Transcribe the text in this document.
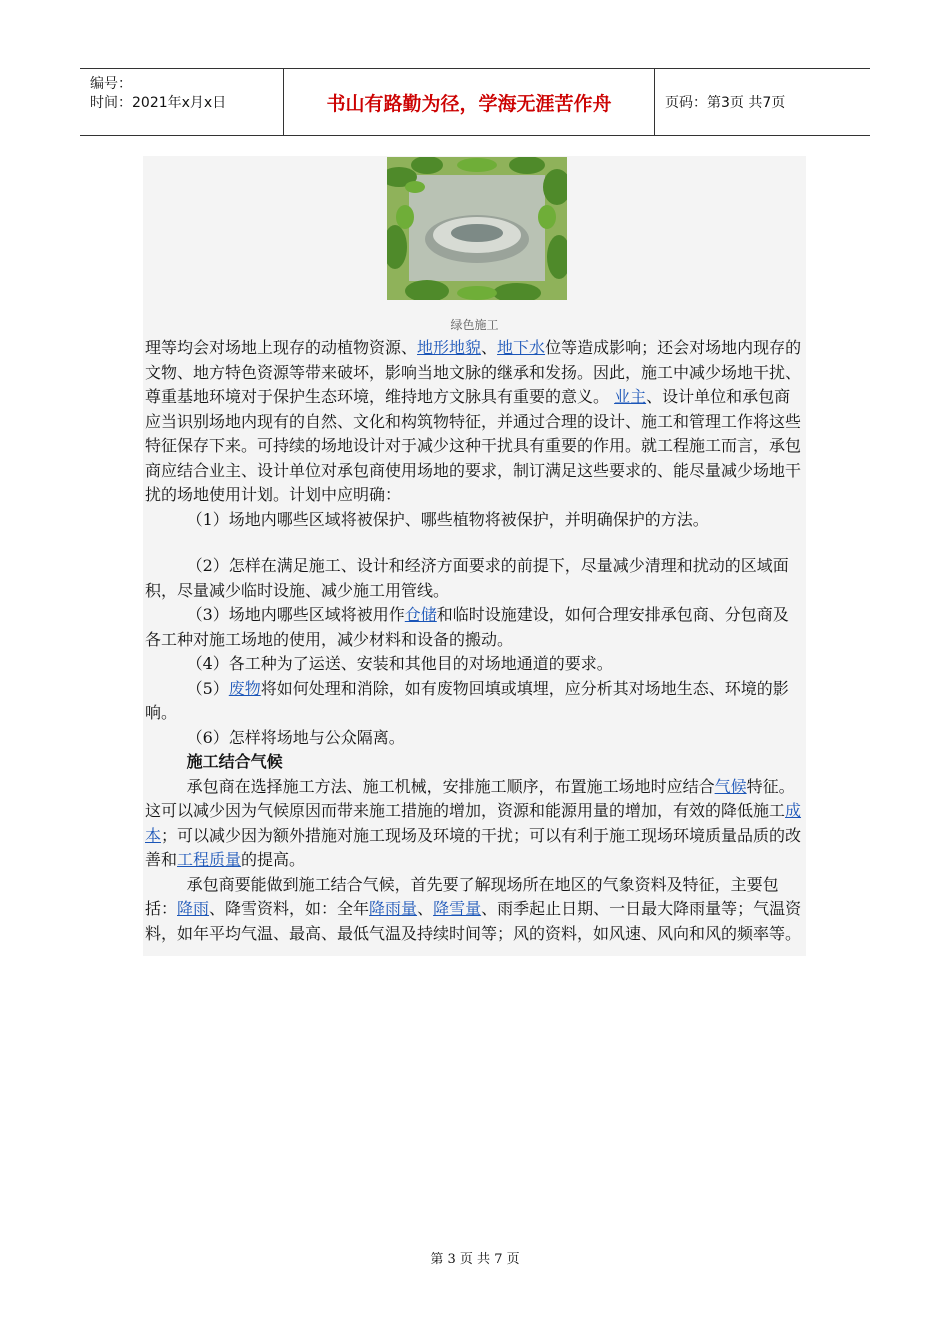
编号：
时间：2021年x月x日	书山有路勤为径，学海无涯苦作舟	页码：第3页 共7页
绿色施工

理等均会对场地上现存的动植物资源、地形地貌、地下水位等造成影响；还会对场地内现存的文物、地方特色资源等带来破坏，影响当地文脉的继承和发扬。因此，施工中减少场地干扰、尊重基地环境对于保护生态环境，维持地方文脉具有重要的意义。 业主、设计单位和承包商应当识别场地内现有的自然、文化和构筑物特征，并通过合理的设计、施工和管理工作将这些特征保存下来。可持续的场地设计对于减少这种干扰具有重要的作用。就工程施工而言，承包商应结合业主、设计单位对承包商使用场地的要求，制订满足这些要求的、能尽量减少场地干扰的场地使用计划。计划中应明确：

（1）场地内哪些区域将被保护、哪些植物将被保护，并明确保护的方法。

（2）怎样在满足施工、设计和经济方面要求的前提下，尽量减少清理和扰动的区域面积，尽量减少临时设施、减少施工用管线。

（3）场地内哪些区域将被用作仓储和临时设施建设，如何合理安排承包商、分包商及各工种对施工场地的使用，减少材料和设备的搬动。

（4）各工种为了运送、安装和其他目的对场地通道的要求。

（5）废物将如何处理和消除，如有废物回填或填埋，应分析其对场地生态、环境的影响。

（6）怎样将场地与公众隔离。

施工结合气候

承包商在选择施工方法、施工机械，安排施工顺序，布置施工场地时应结合气候特征。这可以减少因为气候原因而带来施工措施的增加，资源和能源用量的增加，有效的降低施工成本；可以减少因为额外措施对施工现场及环境的干扰；可以有利于施工现场环境质量品质的改善和工程质量的提高。

承包商要能做到施工结合气候，首先要了解现场所在地区的气象资料及特征，主要包括：降雨、降雪资料，如：全年降雨量、降雪量、雨季起止日期、一日最大降雨量等；气温资料，如年平均气温、最高、最低气温及持续时间等；风的资料，如风速、风向和风的频率等。

第 3 页 共 7 页
